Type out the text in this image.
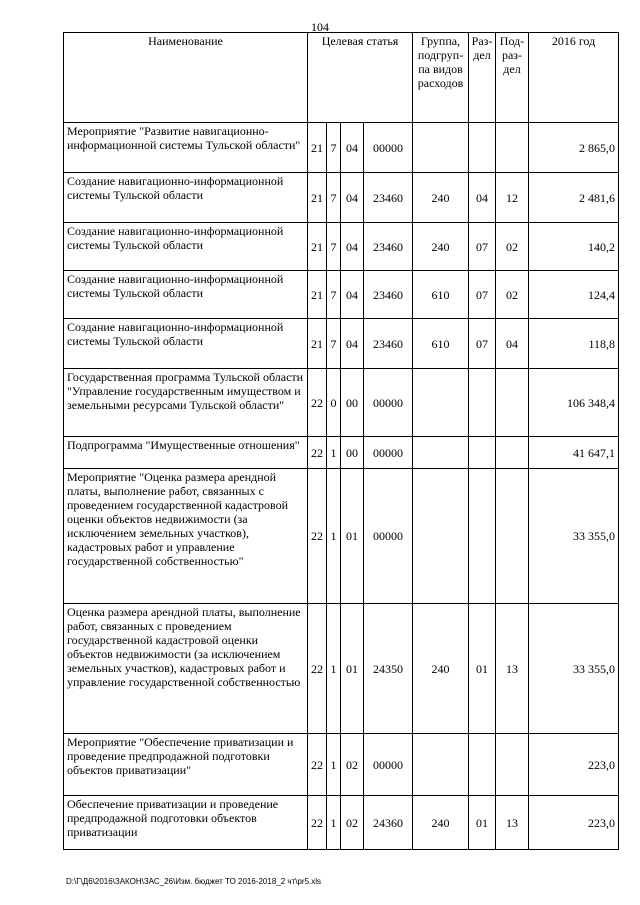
104
Наименование	Целевая статья				Группа, подгруп-па видов расходов	Раз-дел	Под-раз-дел	2016 год
Мероприятие "Развитие навигационно-информационной системы Тульской области"	21	7	04	00000				2 865,0
Создание навигационно-информационной системы Тульской области	21	7	04	23460	240	04	12	2 481,6
Создание навигационно-информационной системы Тульской области	21	7	04	23460	240	07	02	140,2
Создание навигационно-информационной системы Тульской области	21	7	04	23460	610	07	02	124,4
Создание навигационно-информационной системы Тульской области	21	7	04	23460	610	07	04	118,8
Государственная программа Тульской области "Управление государственным имуществом и земельными ресурсами Тульской области"	22	0	00	00000				106 348,4
Подпрограмма "Имущественные отношения"	22	1	00	00000				41 647,1
Мероприятие "Оценка размера арендной платы, выполнение работ, связанных с проведением государственной кадастровой оценки объектов недвижимости (за исключением земельных участков), кадастровых работ и управление государственной собственностью"	22	1	01	00000				33 355,0
Оценка размера арендной платы, выполнение работ, связанных с проведением государственной кадастровой оценки объектов недвижимости (за исключением земельных участков), кадастровых работ и управление государственной собственностью	22	1	01	24350	240	01	13	33 355,0
Мероприятие "Обеспечение приватизации и проведение предпродажной подготовки объектов приватизации"	22	1	02	00000				223,0
Обеспечение приватизации и проведение предпродажной подготовки объектов приватизации	22	1	02	24360	240	01	13	223,0
D:\Г\Д6\2016\ЗАКОН\ЗАС_26\Изм. бюджет ТО 2016-2018_2 чт\pr5.xls
